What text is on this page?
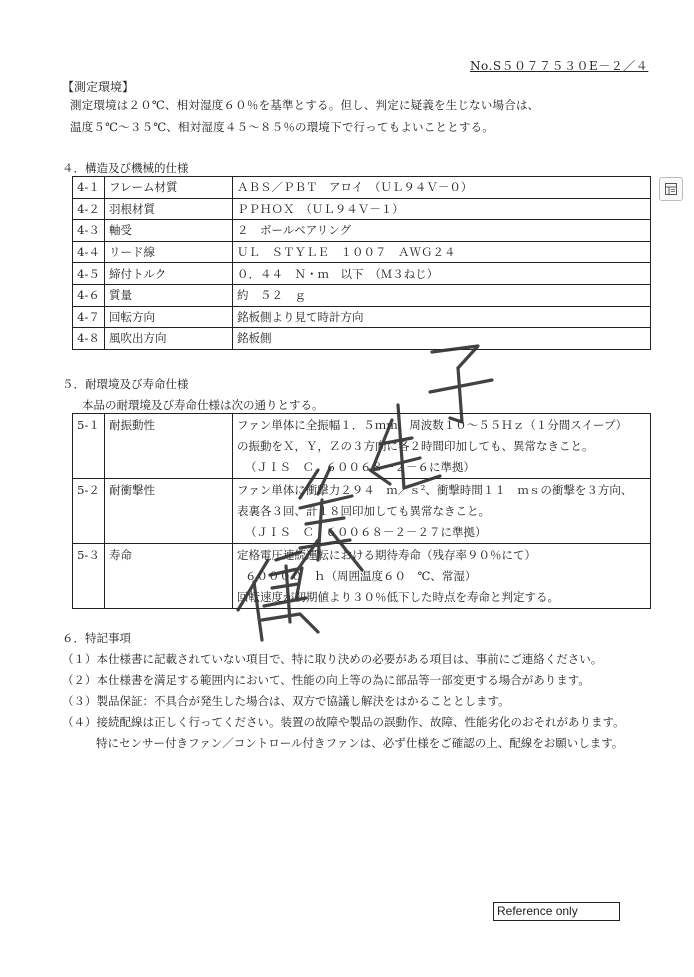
No.S５０７７５３０E－２／４
【測定環境】
測定環境は２０℃、相対湿度６０％を基準とする。但し、判定に疑義を生じない場合は、
温度５℃～３５℃、相対湿度４５～８５％の環境下で行ってもよいこととする。
４．構造及び機械的仕様
4-１	フレーム材質	ＡＢＳ／ＰＢＴ　アロイ　（ＵＬ９４Ｖ－０）
4-２	羽根材質	ＰＰＨＯＸ　（ＵＬ９４Ｖ－１）
4-３	軸受	２　ボールベアリング
4-４	リード線	ＵＬ　ＳＴＹＬＥ　１００７　ＡＷＧ２４
4-５	締付トルク	０．４４　Ｎ・ｍ　以下　（Ｍ３ねじ）
4-６	質量	約　５２　ｇ
4-７	回転方向	銘板側より見て時計方向
4-８	風吹出方向	銘板側
５．耐環境及び寿命仕様
本品の耐環境及び寿命仕様は次の通りとする。
5-１	耐振動性	ファン単体に全振幅１．５ｍｍ、周波数１０～５５Ｈｚ（１分間スイープ）
の振動をＸ，Ｙ，Ｚの３方向に各２時間印加しても、異常なきこと。
（ＪＩＳ　Ｃ　６００６８－２－６に準拠）

5-２	耐衝撃性	ファン単体に衝撃力２９４　ｍ／ｓ²、衝撃時間１１　ｍｓの衝撃を３方向、
表裏各３回、計１８回印加しても異常なきこと。
（ＪＩＳ　Ｃ　６００６８－２－２７に準拠）

5-３	寿命	定格電圧連続運転における期待寿命（残存率９０％にて）
６００００　ｈ（周囲温度６０　℃、常湿）
回転速度が初期値より３０％低下した時点を寿命と判定する。
６．特記事項
（１）本仕様書に記載されていない項目で、特に取り決めの必要がある項目は、事前にご連絡ください。
（２）本仕様書を満足する範囲内において、性能の向上等の為に部品等一部変更する場合があります。
（３）製品保証：不具合が発生した場合は、双方で協議し解決をはかることとします。
（４）接続配線は正しく行ってください。装置の故障や製品の誤動作、故障、性能劣化のおそれがあります。
特にセンサー付きファン／コントロール付きファンは、必ず仕様をご確認の上、配線をお願いします。
Reference only
